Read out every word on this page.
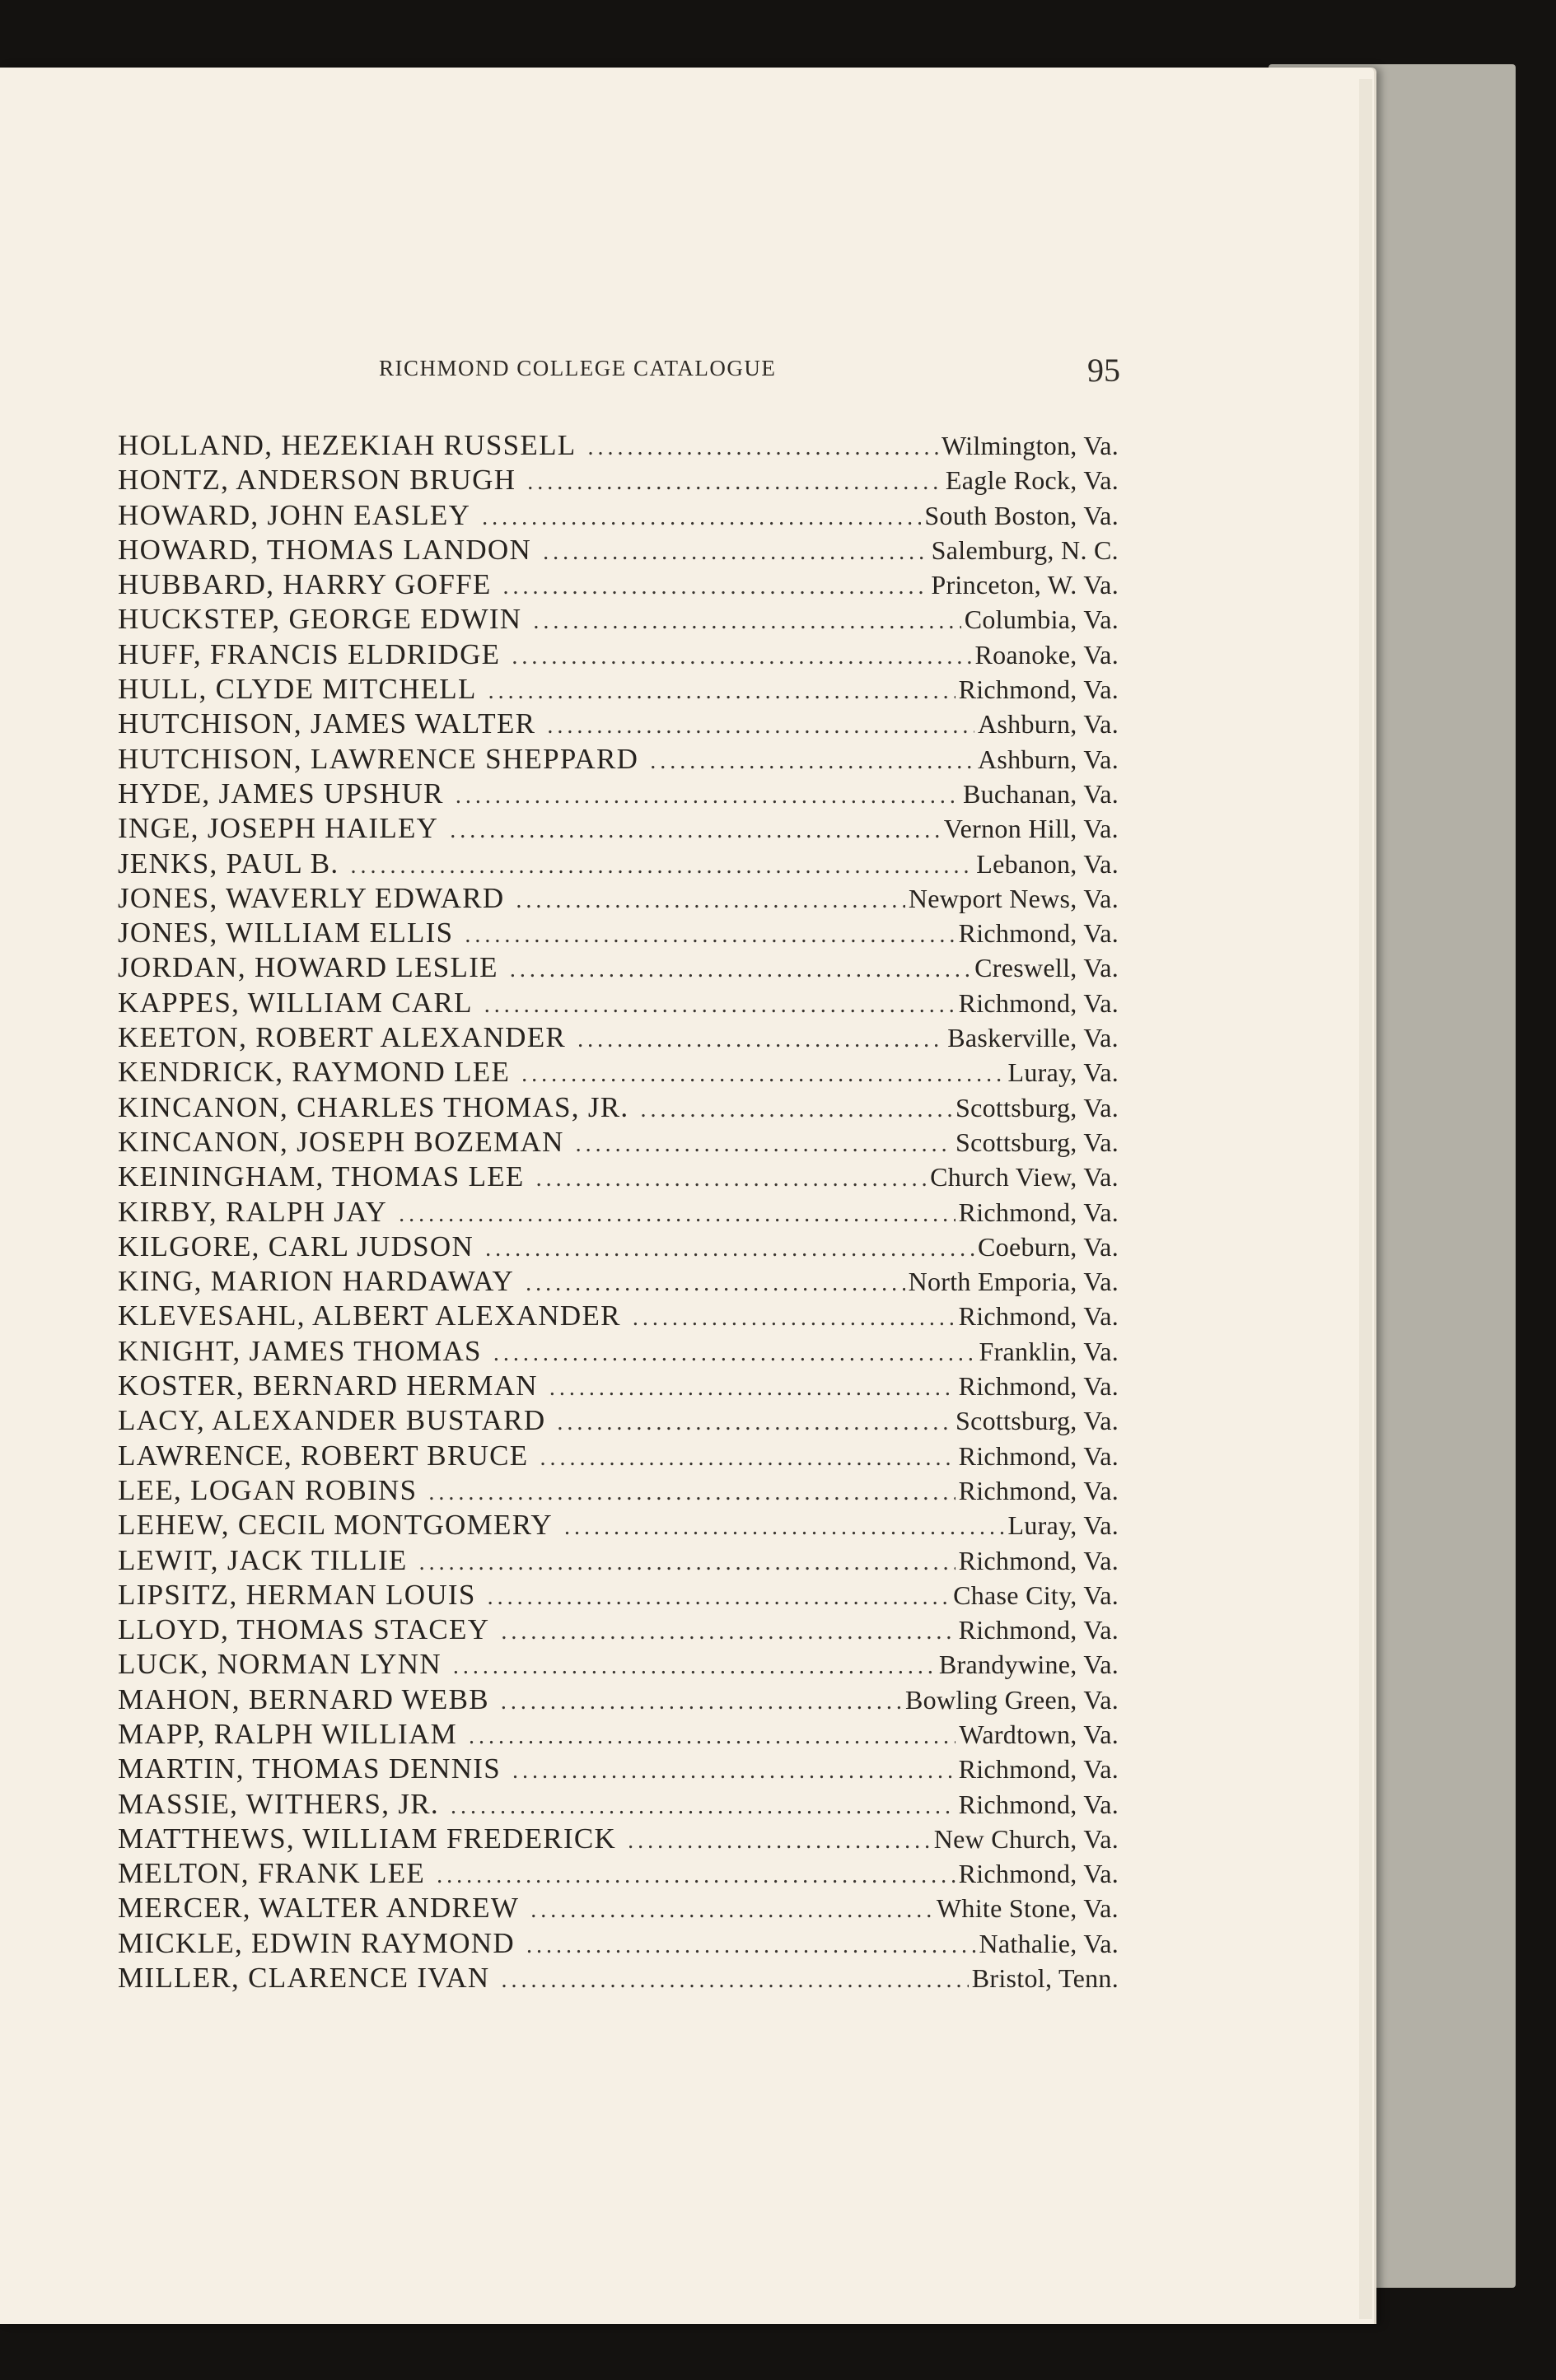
RICHMOND COLLEGE CATALOGUE	95
HOLLAND, HEZEKIAH RUSSELL .....	Wilmington, Va.
HONTZ, ANDERSON BRUGH .....	Eagle Rock, Va.
HOWARD, JOHN EASLEY .....	South Boston, Va.
HOWARD, THOMAS LANDON .....	Salemburg, N. C.
HUBBARD, HARRY GOFFE .....	Princeton, W. Va.
HUCKSTEP, GEORGE EDWIN .....	Columbia, Va.
HUFF, FRANCIS ELDRIDGE .....	Roanoke, Va.
HULL, CLYDE MITCHELL .....	Richmond, Va.
HUTCHISON, JAMES WALTER .....	Ashburn, Va.
HUTCHISON, LAWRENCE SHEPPARD .....	Ashburn, Va.
HYDE, JAMES UPSHUR .....	Buchanan, Va.
INGE, JOSEPH HAILEY .....	Vernon Hill, Va.
JENKS, PAUL B. .....	Lebanon, Va.
JONES, WAVERLY EDWARD .....	Newport News, Va.
JONES, WILLIAM ELLIS .....	Richmond, Va.
JORDAN, HOWARD LESLIE .....	Creswell, Va.
KAPPES, WILLIAM CARL .....	Richmond, Va.
KEETON, ROBERT ALEXANDER .....	Baskerville, Va.
KENDRICK, RAYMOND LEE .....	Luray, Va.
KINCANON, CHARLES THOMAS, JR. .....	Scottsburg, Va.
KINCANON, JOSEPH BOZEMAN .....	Scottsburg, Va.
KEININGHAM, THOMAS LEE .....	Church View, Va.
KIRBY, RALPH JAY .....	Richmond, Va.
KILGORE, CARL JUDSON .....	Coeburn, Va.
KING, MARION HARDAWAY .....	North Emporia, Va.
KLEVESAHL, ALBERT ALEXANDER .....	Richmond, Va.
KNIGHT, JAMES THOMAS .....	Franklin, Va.
KOSTER, BERNARD HERMAN .....	Richmond, Va.
LACY, ALEXANDER BUSTARD .....	Scottsburg, Va.
LAWRENCE, ROBERT BRUCE .....	Richmond, Va.
LEE, LOGAN ROBINS .....	Richmond, Va.
LEHEW, CECIL MONTGOMERY .....	Luray, Va.
LEWIT, JACK TILLIE .....	Richmond, Va.
LIPSITZ, HERMAN LOUIS .....	Chase City, Va.
LLOYD, THOMAS STACEY .....	Richmond, Va.
LUCK, NORMAN LYNN .....	Brandywine, Va.
MAHON, BERNARD WEBB .....	Bowling Green, Va.
MAPP, RALPH WILLIAM .....	Wardtown, Va.
MARTIN, THOMAS DENNIS .....	Richmond, Va.
MASSIE, WITHERS, JR. .....	Richmond, Va.
MATTHEWS, WILLIAM FREDERICK .....	New Church, Va.
MELTON, FRANK LEE .....	Richmond, Va.
MERCER, WALTER ANDREW .....	White Stone, Va.
MICKLE, EDWIN RAYMOND .....	Nathalie, Va.
MILLER, CLARENCE IVAN .....	Bristol, Tenn.
